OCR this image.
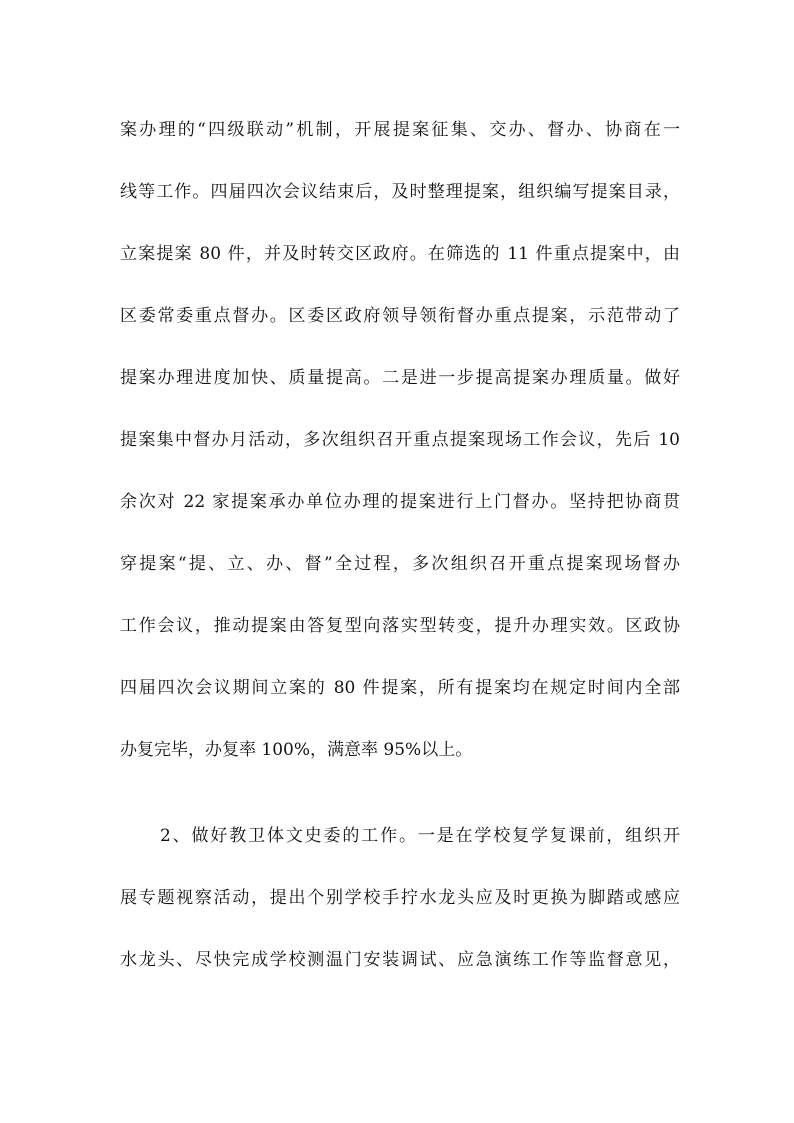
案办理的“四级联动”机制，开展提案征集、交办、督办、协商在一
线等工作。四届四次会议结束后，及时整理提案，组织编写提案目录，
立案提案 80 件，并及时转交区政府。在筛选的 11 件重点提案中，由
区委常委重点督办。区委区政府领导领衔督办重点提案，示范带动了
提案办理进度加快、质量提高。二是进一步提高提案办理质量。做好
提案集中督办月活动，多次组织召开重点提案现场工作会议，先后 10
余次对 22 家提案承办单位办理的提案进行上门督办。坚持把协商贯
穿提案“提、立、办、督”全过程，多次组织召开重点提案现场督办
工作会议，推动提案由答复型向落实型转变，提升办理实效。区政协
四届四次会议期间立案的 80 件提案，所有提案均在规定时间内全部
办复完毕，办复率 100%，满意率 95%以上。
2、做好教卫体文史委的工作。一是在学校复学复课前，组织开
展专题视察活动，提出个别学校手拧水龙头应及时更换为脚踏或感应
水龙头、尽快完成学校测温门安装调试、应急演练工作等监督意见，
